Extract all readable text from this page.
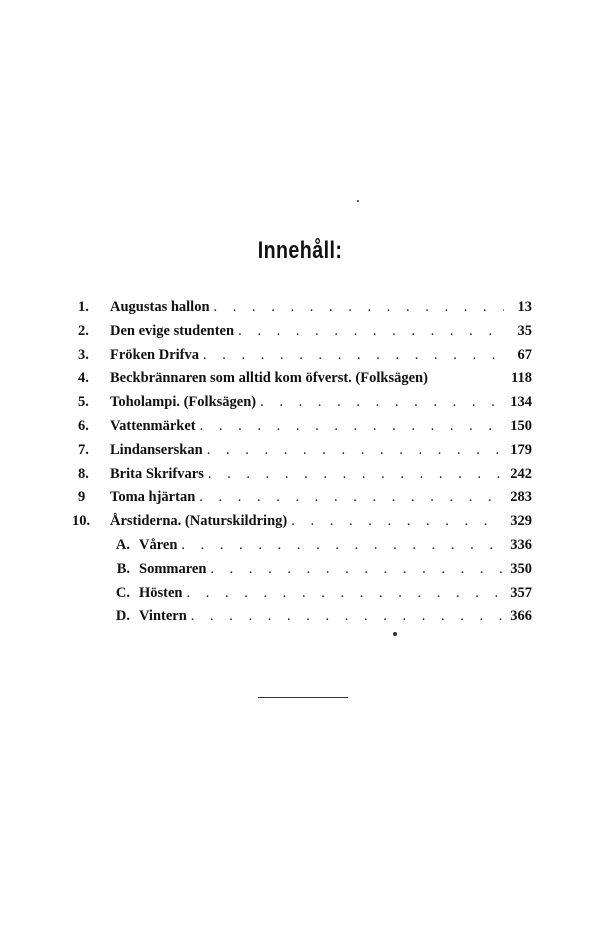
Innehåll:
1.	Augustas hallon . . .	13
2.	Den evige studenten . . .	35
3.	Fröken Drifva . . .	67
4.	Beckbrännaren som alltid kom öfverst. (Folksägen)	118
5.	Toholampi. (Folksägen) . . .	134
6.	Vattenmärket . . .	150
7.	Lindanserskan . . .	179
8.	Brita Skrifvars . . .	242
9	Toma hjärtan . . .	283
10.	Årstiderna. (Naturskildring) . . .	329
A. Våren . . .	336
B. Sommaren . . .	350
C. Hösten . . .	357
D. Vintern . . .	366
